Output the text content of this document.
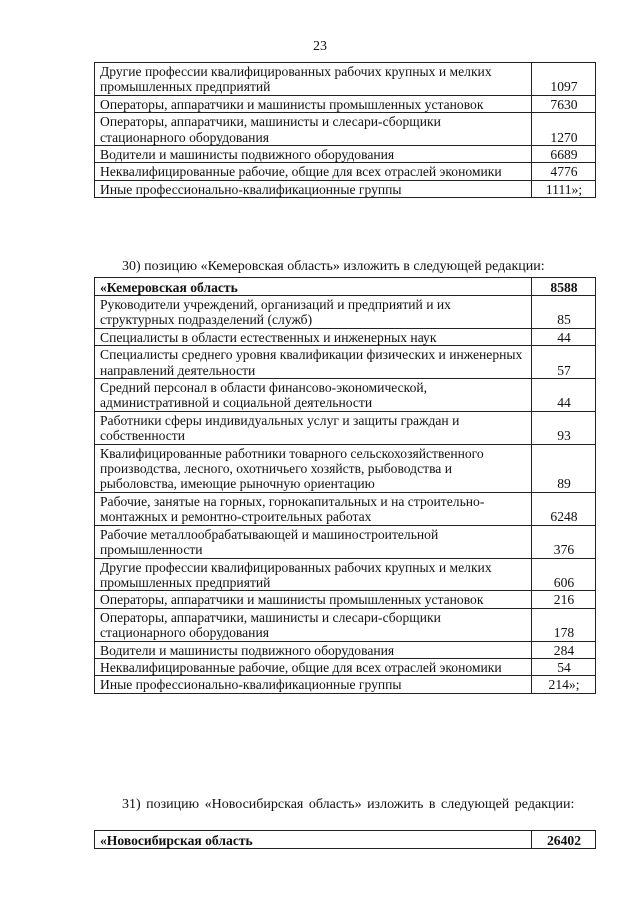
23
Другие профессии квалифицированных рабочих крупных и мелких промышленных предприятий	1097
Операторы, аппаратчики и машинисты промышленных установок	7630
Операторы, аппаратчики, машинисты и слесари-сборщики стационарного оборудования	1270
Водители и машинисты подвижного оборудования	6689
Неквалифицированные рабочие, общие для всех отраслей экономики	4776
Иные профессионально-квалификационные группы	1111»;

30) позицию «Кемеровская область» изложить в следующей редакции:

«Кемеровская область	8588
Руководители учреждений, организаций и предприятий и их структурных подразделений (служб)	85
Специалисты в области естественных и инженерных наук	44
Специалисты среднего уровня квалификации физических и инженерных направлений деятельности	57
Средний персонал в области финансово-экономической, административной и социальной деятельности	44
Работники сферы индивидуальных услуг и защиты граждан и собственности	93
Квалифицированные работники товарного сельскохозяйственного производства, лесного, охотничьего хозяйств, рыбоводства и рыболовства, имеющие рыночную ориентацию	89
Рабочие, занятые на горных, горнокапитальных и на строительно-монтажных и ремонтно-строительных работах	6248
Рабочие металлообрабатывающей и машиностроительной промышленности	376
Другие профессии квалифицированных рабочих крупных и мелких промышленных предприятий	606
Операторы, аппаратчики и машинисты промышленных установок	216
Операторы, аппаратчики, машинисты и слесари-сборщики стационарного оборудования	178
Водители и машинисты подвижного оборудования	284
Неквалифицированные рабочие, общие для всех отраслей экономики	54
Иные профессионально-квалификационные группы	214»;

31) позицию «Новосибирская область» изложить в следующей редакции:

«Новосибирская область	26402
